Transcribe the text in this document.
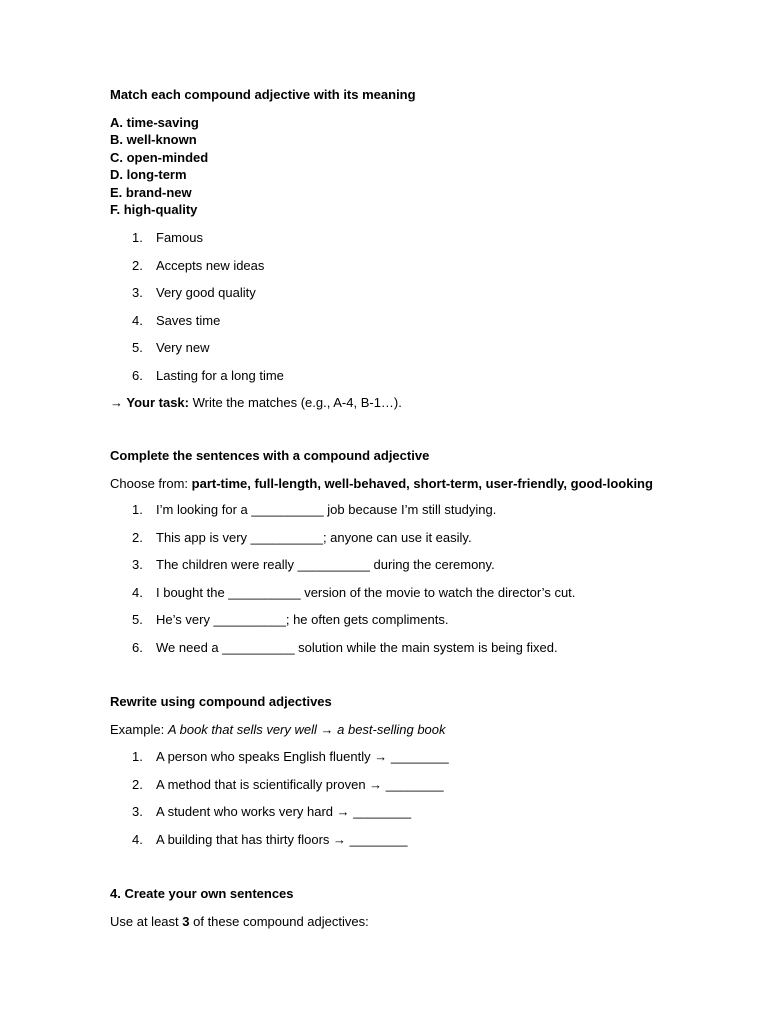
Match each compound adjective with its meaning
A. time-saving
B. well-known
C. open-minded
D. long-term
E. brand-new
F. high-quality
1. Famous
2. Accepts new ideas
3. Very good quality
4. Saves time
5. Very new
6. Lasting for a long time
→ Your task: Write the matches (e.g., A-4, B-1…).
Complete the sentences with a compound adjective
Choose from: part-time, full-length, well-behaved, short-term, user-friendly, good-looking
1. I’m looking for a __________ job because I’m still studying.
2. This app is very __________; anyone can use it easily.
3. The children were really __________ during the ceremony.
4. I bought the __________ version of the movie to watch the director’s cut.
5. He’s very __________; he often gets compliments.
6. We need a __________ solution while the main system is being fixed.
Rewrite using compound adjectives
Example: A book that sells very well → a best-selling book
1. A person who speaks English fluently → ________
2. A method that is scientifically proven → ________
3. A student who works very hard → ________
4. A building that has thirty floors → ________
4. Create your own sentences
Use at least 3 of these compound adjectives:
